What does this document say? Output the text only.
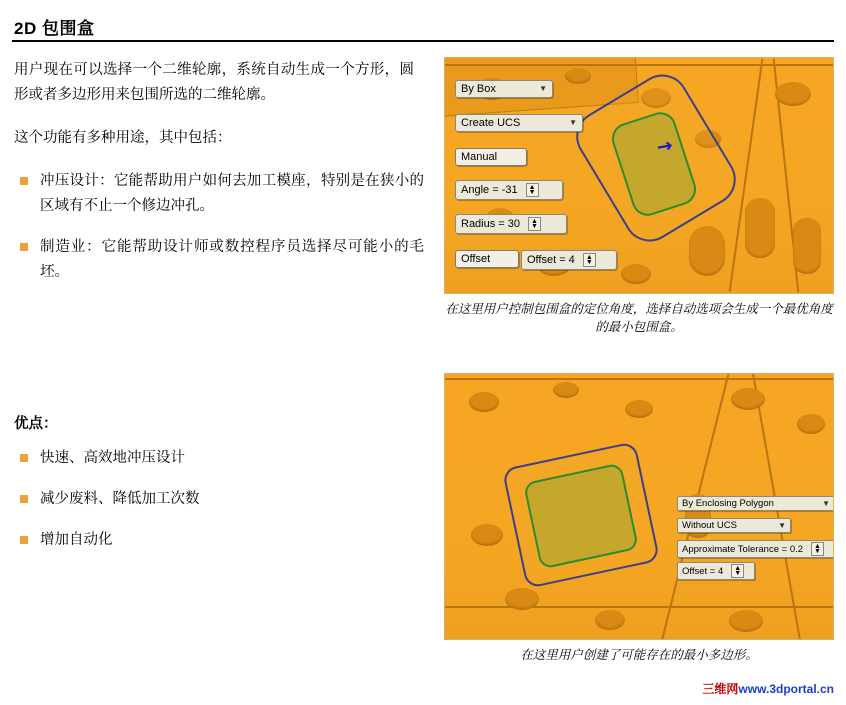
2D 包围盒

用户现在可以选择一个二维轮廓，系统自动生成一个方形，圆形或者多边形用来包围所选的二维轮廓。

这个功能有多种用途，其中包括：

冲压设计：它能帮助用户如何去加工模座，特别是在狭小的区域有不止一个修边冲孔。
制造业：它能帮助设计师或数控程序员选择尽可能小的毛坯。
优点：
快速、高效地冲压设计
减少废料、降低加工次数
增加自动化
↗
By Box	▼
Create UCS	▼
Manual
Angle = -31	▲
▼
Radius = 30	▲
▼
Offset	Offset = 4	▲
▼
在这里用户控制包围盒的定位角度，选择自动选项会生成一个最优角度的最小包围盒。
By Enclosing Polygon	▼
Without UCS	▼
Approximate Tolerance = 0.2	▲
▼
Offset = 4	▲
▼
在这里用户创建了可能存在的最小多边形。
三维网www.3dportal.cn
